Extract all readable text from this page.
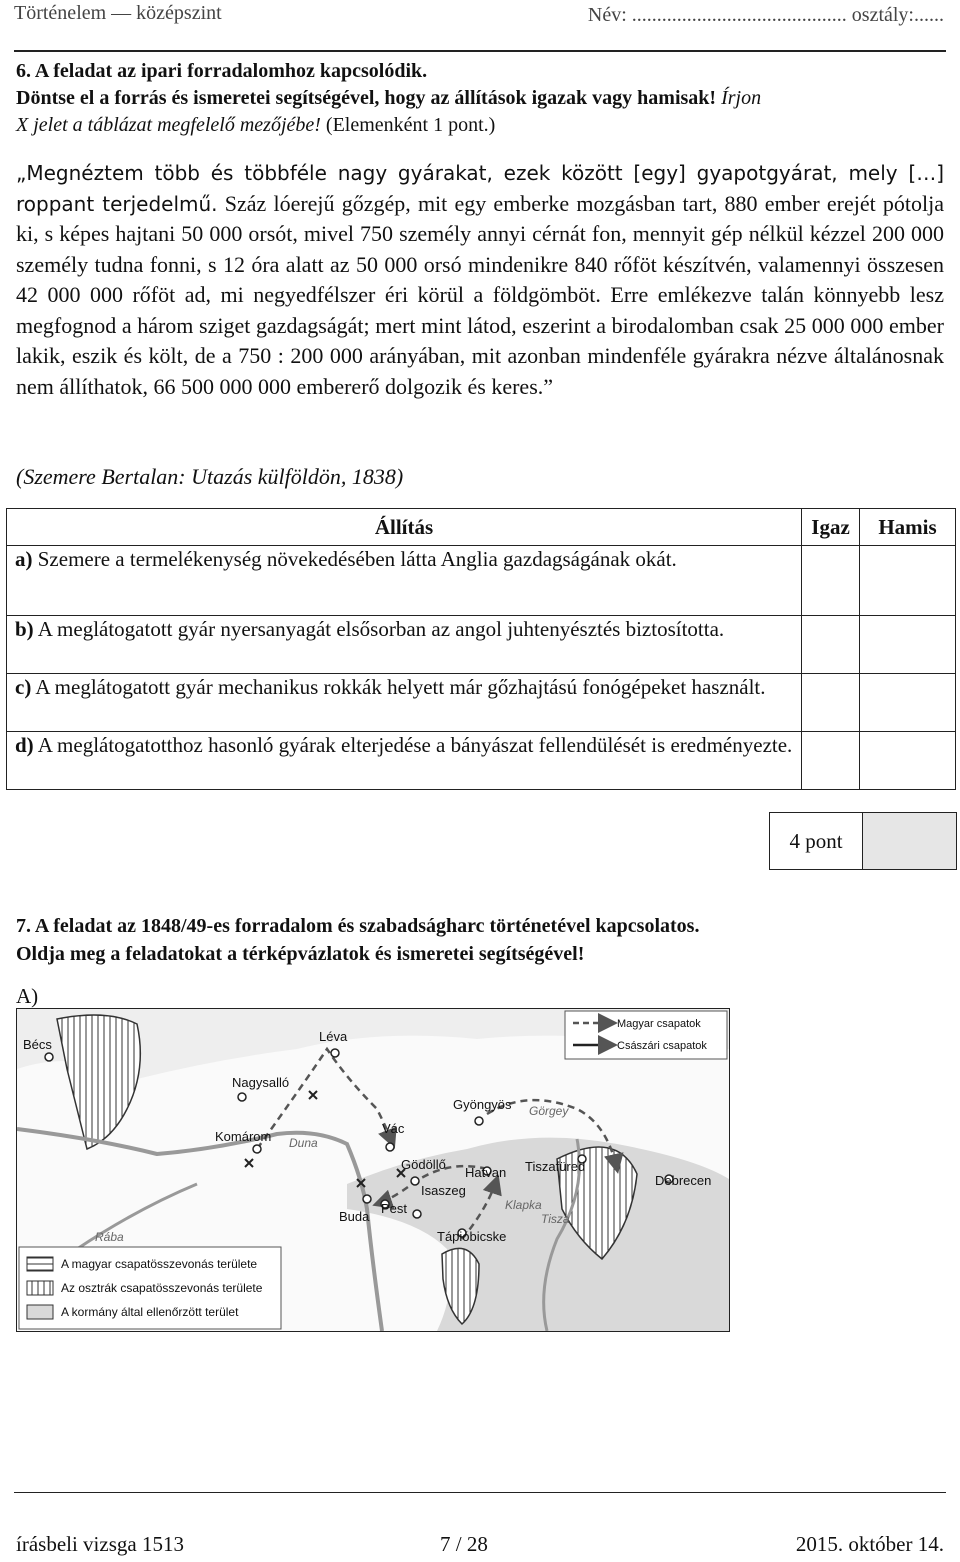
Történelem — középszint	Név: ........................................... osztály:......
6. A feladat az ipari forradalomhoz kapcsolódik.
Döntse el a forrás és ismeretei segítségével, hogy az állítások igazak vagy hamisak! Írjon
X jelet a táblázat megfelelő mezőjébe! (Elemenként 1 pont.)
„Megnéztem több és többféle nagy gyárakat, ezek között [egy] gyapotgyárat, mely […] roppant terjedelmű. Száz lóerejű gőzgép, mit egy emberke mozgásban tart, 880 ember erejét pótolja ki, s képes hajtani 50 000 orsót, mivel 750 személy annyi cérnát fon, mennyit gép nélkül kézzel 200 000 személy tudna fonni, s 12 óra alatt az 50 000 orsó mindenikre 840 rőföt készítvén, valamennyi összesen 42 000 000 rőföt ad, mi negyedfélszer éri körül a földgömböt. Erre emlékezve talán könnyebb lesz megfognod a három sziget gazdagságát; mert mint látod, eszerint a birodalomban csak 25 000 000 ember lakik, eszik és költ, de a 750 : 200 000 arányában, mit azonban mindenféle gyárakra nézve általánosnak nem állíthatok, 66 500 000 000 embererő dolgozik és keres.”
(Szemere Bertalan: Utazás külföldön, 1838)
Állítás	Igaz	Hamis
a) Szemere a termelékenység növekedésében látta Anglia gazdagságának okát.		
b) A meglátogatott gyár nyersanyagát elsősorban az angol juhtenyésztés biztosította.		
c) A meglátogatott gyár mechanikus rokkák helyett már gőzhajtású fonógépeket használt.		
d) A meglátogatotthoz hasonló gyárak elterjedése a bányászat fellendülését is eredményezte.		
4 pont
7. A feladat az 1848/49-es forradalom és szabadságharc történetével kapcsolatos.
Oldja meg a feladatokat a térképvázlatok és ismeretei segítségével!
A)
Bécs
Léva
Nagysalló
Komárom
Gyöngyös
Vác
Gödöllő
Hatvan Tiszafüred
Debrecen
Buda
Pest
Isaszeg
Tápióbicske
Duna
Rába
Tisza
Görgey
Klapka
Magyar csapatok
Császári csapatok
A magyar csapatösszevonás területe
Az osztrák csapatösszevonás területe
A kormány által ellenőrzött terület
írásbeli vizsga 1513	7 / 28	2015. október 14.
